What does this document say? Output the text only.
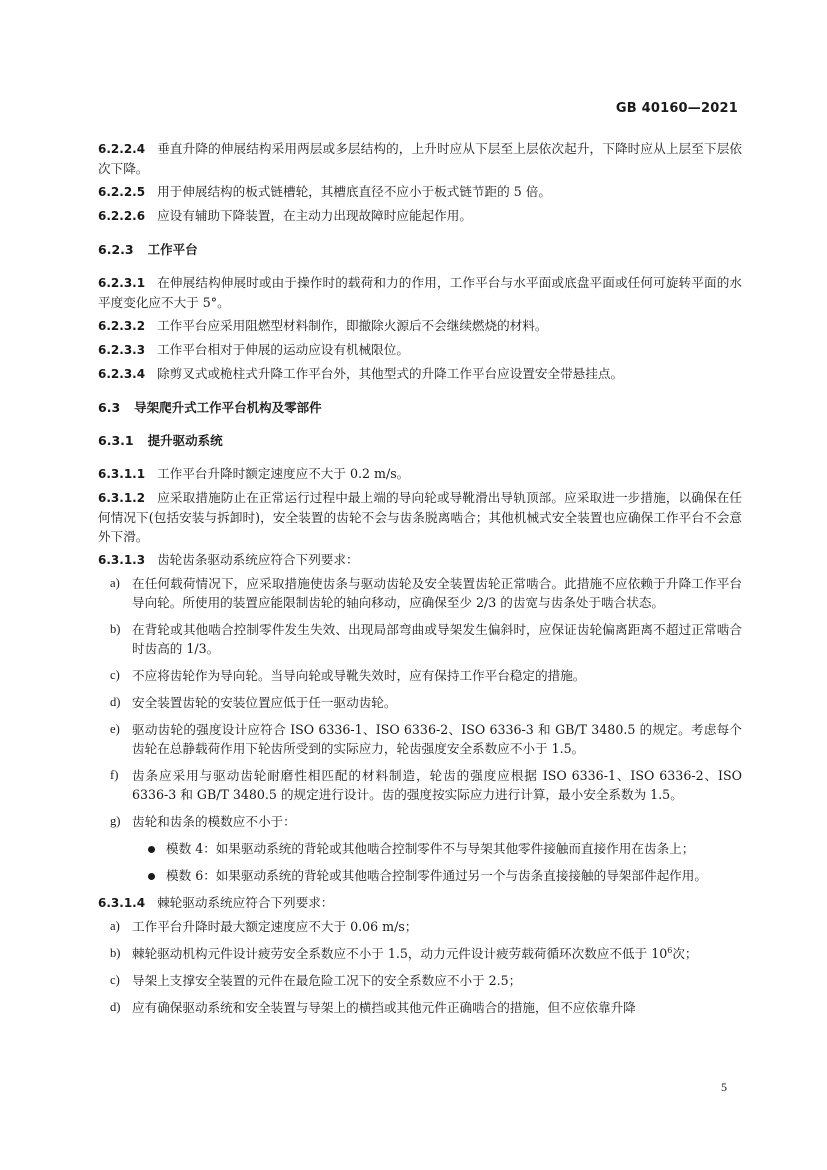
GB 40160—2021

6.2.2.4 垂直升降的伸展结构采用两层或多层结构的，上升时应从下层至上层依次起升，下降时应从上层至下层依次下降。

6.2.2.5 用于伸展结构的板式链槽轮，其槽底直径不应小于板式链节距的 5 倍。

6.2.2.6 应设有辅助下降装置，在主动力出现故障时应能起作用。

6.2.3 工作平台

6.2.3.1 在伸展结构伸展时或由于操作时的载荷和力的作用，工作平台与水平面或底盘平面或任何可旋转平面的水平度变化应不大于 5°。

6.2.3.2 工作平台应采用阻燃型材料制作，即撤除火源后不会继续燃烧的材料。

6.2.3.3 工作平台相对于伸展的运动应设有机械限位。

6.2.3.4 除剪叉式或桅柱式升降工作平台外，其他型式的升降工作平台应设置安全带悬挂点。

6.3 导架爬升式工作平台机构及零部件
6.3.1 提升驱动系统

6.3.1.1 工作平台升降时额定速度应不大于 0.2 m/s。

6.3.1.2 应采取措施防止在正常运行过程中最上端的导向轮或导靴滑出导轨顶部。应采取进一步措施，以确保在任何情况下(包括安装与拆卸时)，安全装置的齿轮不会与齿条脱离啮合；其他机械式安全装置也应确保工作平台不会意外下滑。

6.3.1.3 齿轮齿条驱动系统应符合下列要求：

a) 在任何载荷情况下，应采取措施使齿条与驱动齿轮及安全装置齿轮正常啮合。此措施不应依赖于升降工作平台导向轮。所使用的装置应能限制齿轮的轴向移动，应确保至少 2/3 的齿宽与齿条处于啮合状态。
b) 在背轮或其他啮合控制零件发生失效、出现局部弯曲或导架发生偏斜时，应保证齿轮偏离距离不超过正常啮合时齿高的 1/3。
c) 不应将齿轮作为导向轮。当导向轮或导靴失效时，应有保持工作平台稳定的措施。
d) 安全装置齿轮的安装位置应低于任一驱动齿轮。
e) 驱动齿轮的强度设计应符合 ISO 6336-1、ISO 6336-2、ISO 6336-3 和 GB/T 3480.5 的规定。考虑每个齿轮在总静载荷作用下轮齿所受到的实际应力，轮齿强度安全系数应不小于 1.5。
f)	齿条应采用与驱动齿轮耐磨性相匹配的材料制造，轮齿的强度应根据 ISO 6336-1、ISO 6336-2、ISO 6336-3 和 GB/T 3480.5 的规定进行设计。齿的强度按实际应力进行计算，最小安全系数为 1.5。
g) 齿轮和齿条的模数应不小于：
模数 4：如果驱动系统的背轮或其他啮合控制零件不与导架其他零件接触而直接作用在齿条上；
模数 6：如果驱动系统的背轮或其他啮合控制零件通过另一个与齿条直接接触的导架部件起作用。

6.3.1.4 棘轮驱动系统应符合下列要求：

a) 工作平台升降时最大额定速度应不大于 0.06 m/s；
b) 棘轮驱动机构元件设计疲劳安全系数应不小于 1.5，动力元件设计疲劳载荷循环次数应不低于 $10^6$次；
c) 导架上支撑安全装置的元件在最危险工况下的安全系数应不小于 2.5；
d) 应有确保驱动系统和安全装置与导架上的横挡或其他元件正确啮合的措施，但不应依靠升降
5
